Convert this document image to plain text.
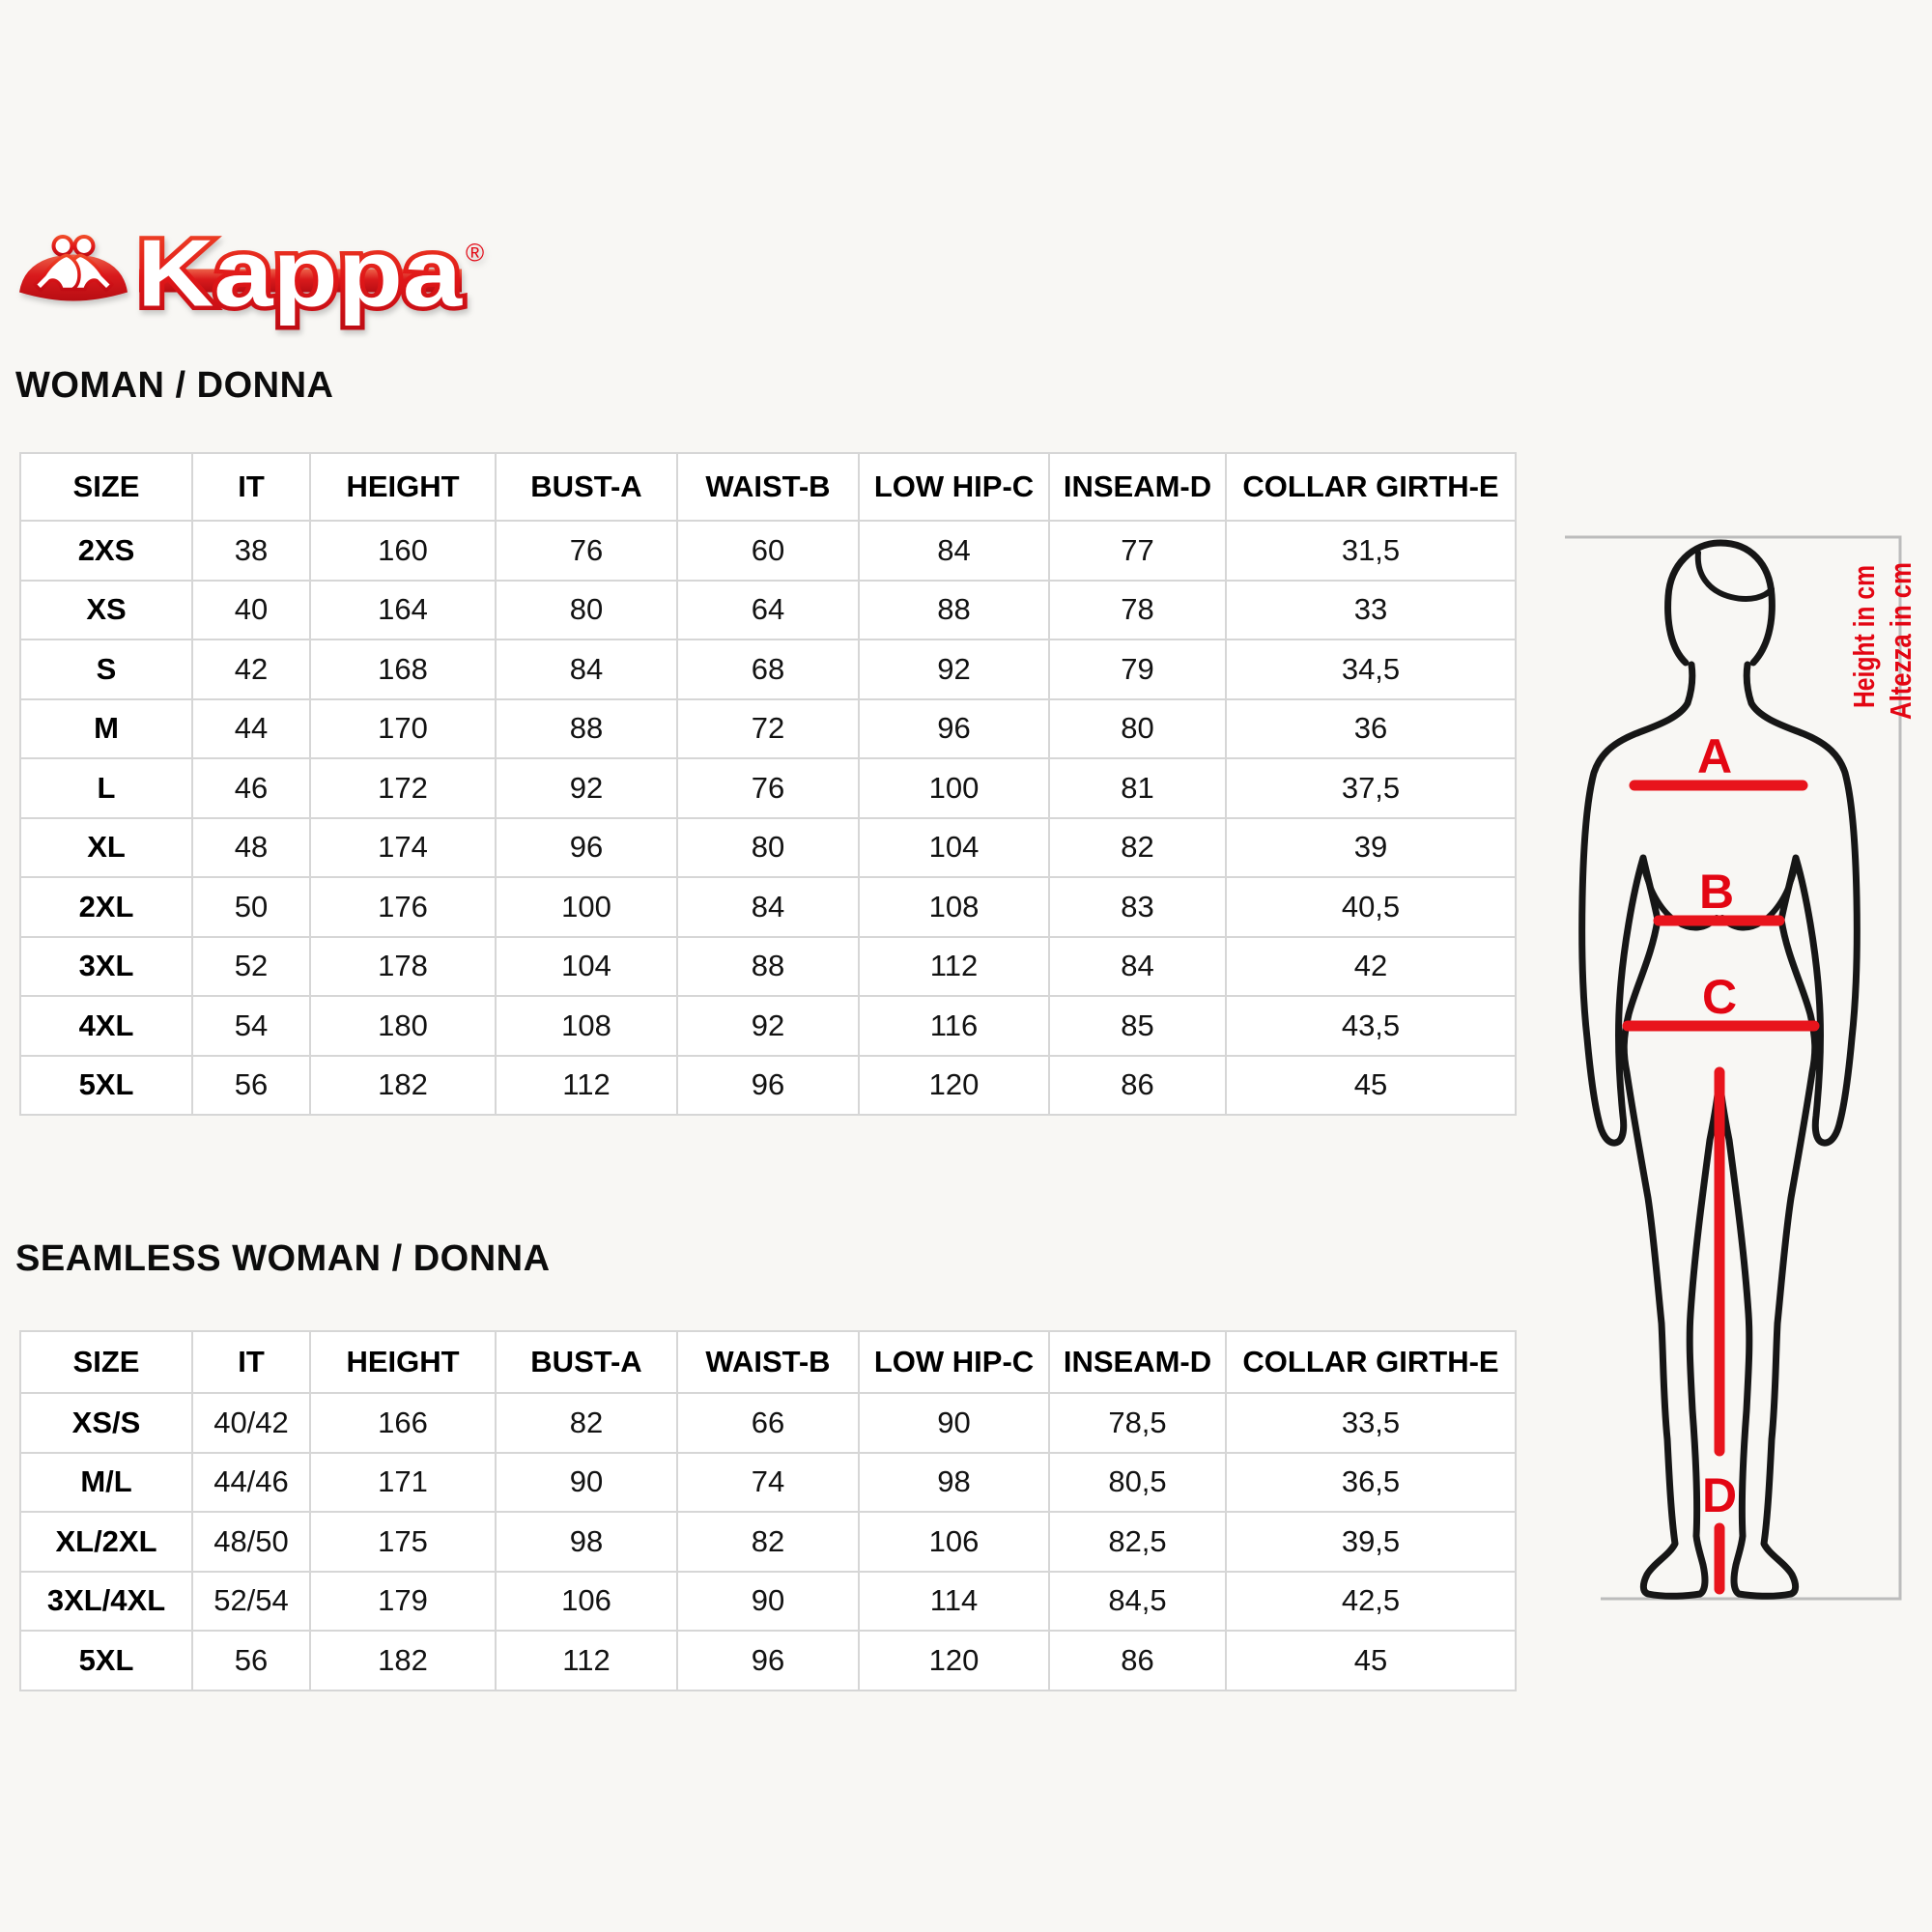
Kappa ®
WOMAN / DONNA
SEAMLESS WOMAN / DONNA
SIZE	IT	HEIGHT	BUST-A	WAIST-B	LOW HIP-C	INSEAM-D	COLLAR GIRTH-E
2XS	38	160	76	60	84	77	31,5
XS	40	164	80	64	88	78	33
S	42	168	84	68	92	79	34,5
M	44	170	88	72	96	80	36
L	46	172	92	76	100	81	37,5
XL	48	174	96	80	104	82	39
2XL	50	176	100	84	108	83	40,5
3XL	52	178	104	88	112	84	42
4XL	54	180	108	92	116	85	43,5
5XL	56	182	112	96	120	86	45
SIZE	IT	HEIGHT	BUST-A	WAIST-B	LOW HIP-C	INSEAM-D	COLLAR GIRTH-E
XS/S	40/42	166	82	66	90	78,5	33,5
M/L	44/46	171	90	74	98	80,5	36,5
XL/2XL	48/50	175	98	82	106	82,5	39,5
3XL/4XL	52/54	179	106	90	114	84,5	42,5
5XL	56	182	112	96	120	86	45
A
B
C
D
Height in cm Altezza in cm
